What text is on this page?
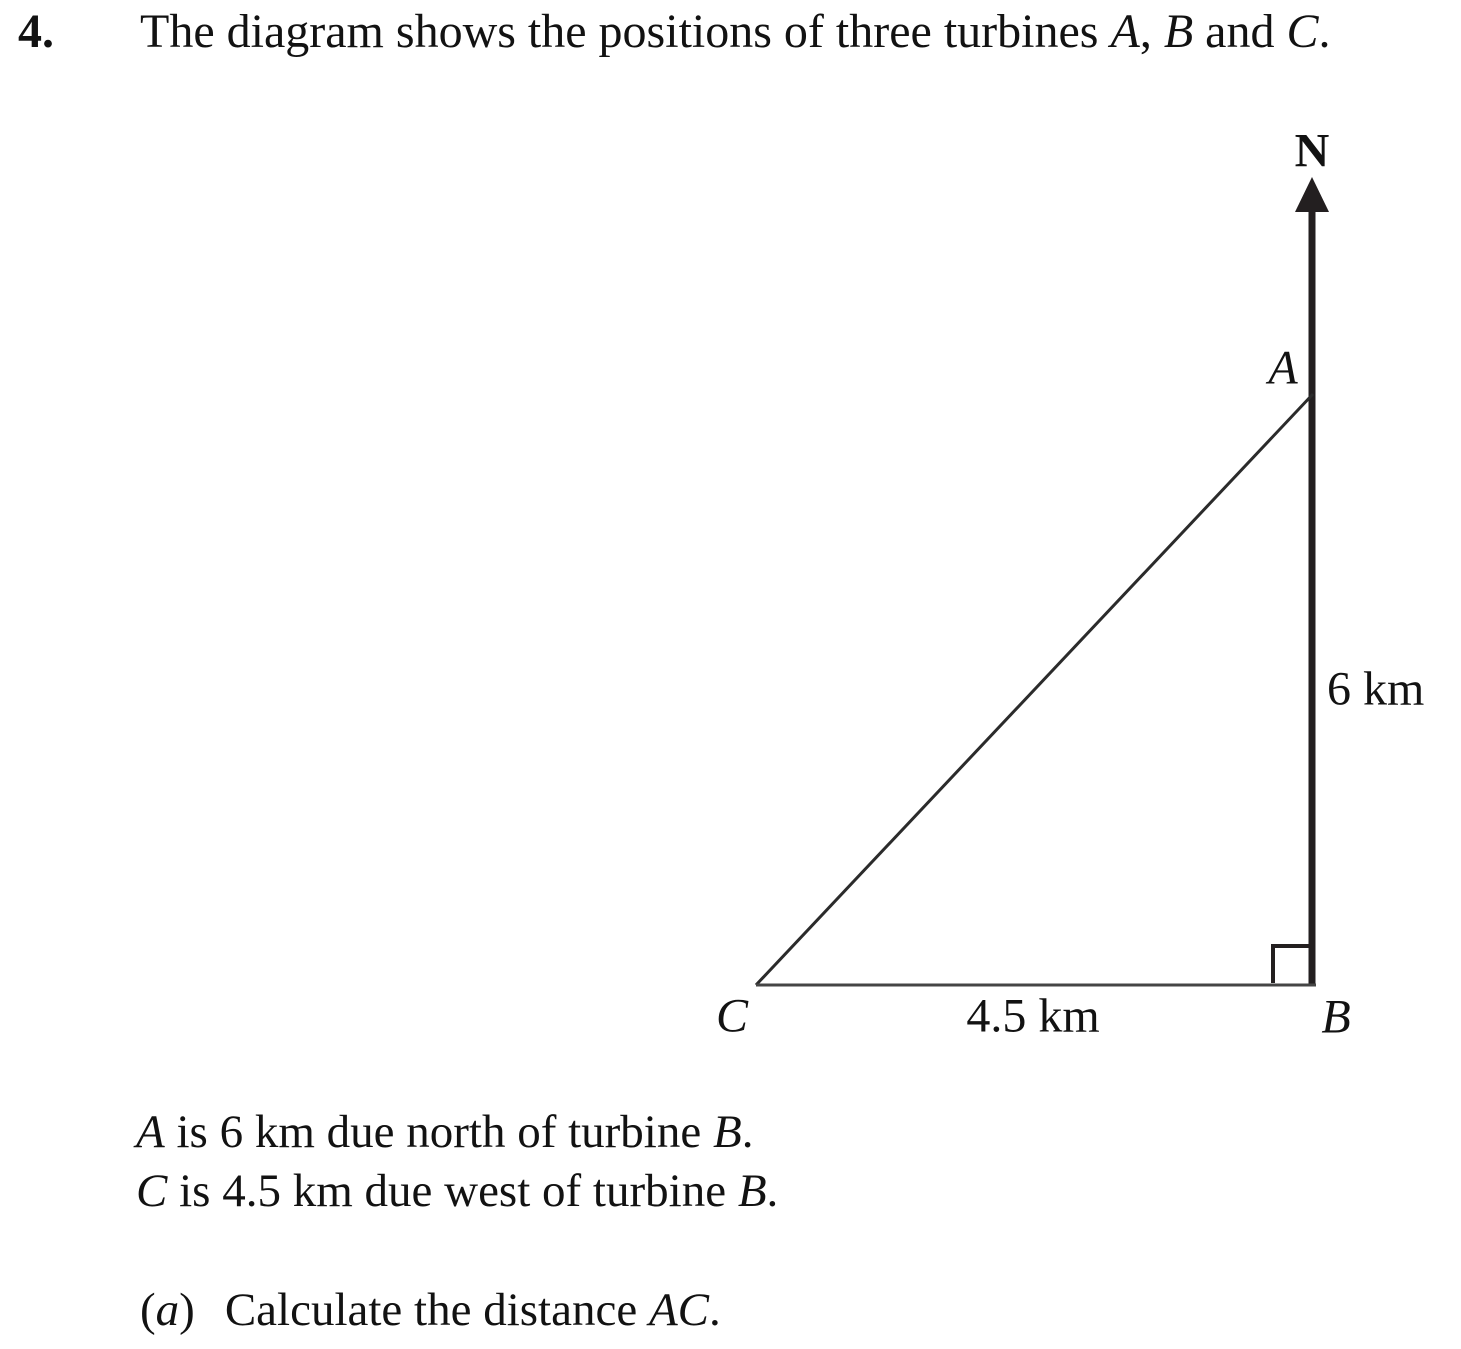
4. The diagram shows the positions of three turbines A, B and C.
N
A
B
C
6 km
4.5 km
A is 6 km due north of turbine B.
C is 4.5 km due west of turbine B.
(a) Calculate the distance AC.
